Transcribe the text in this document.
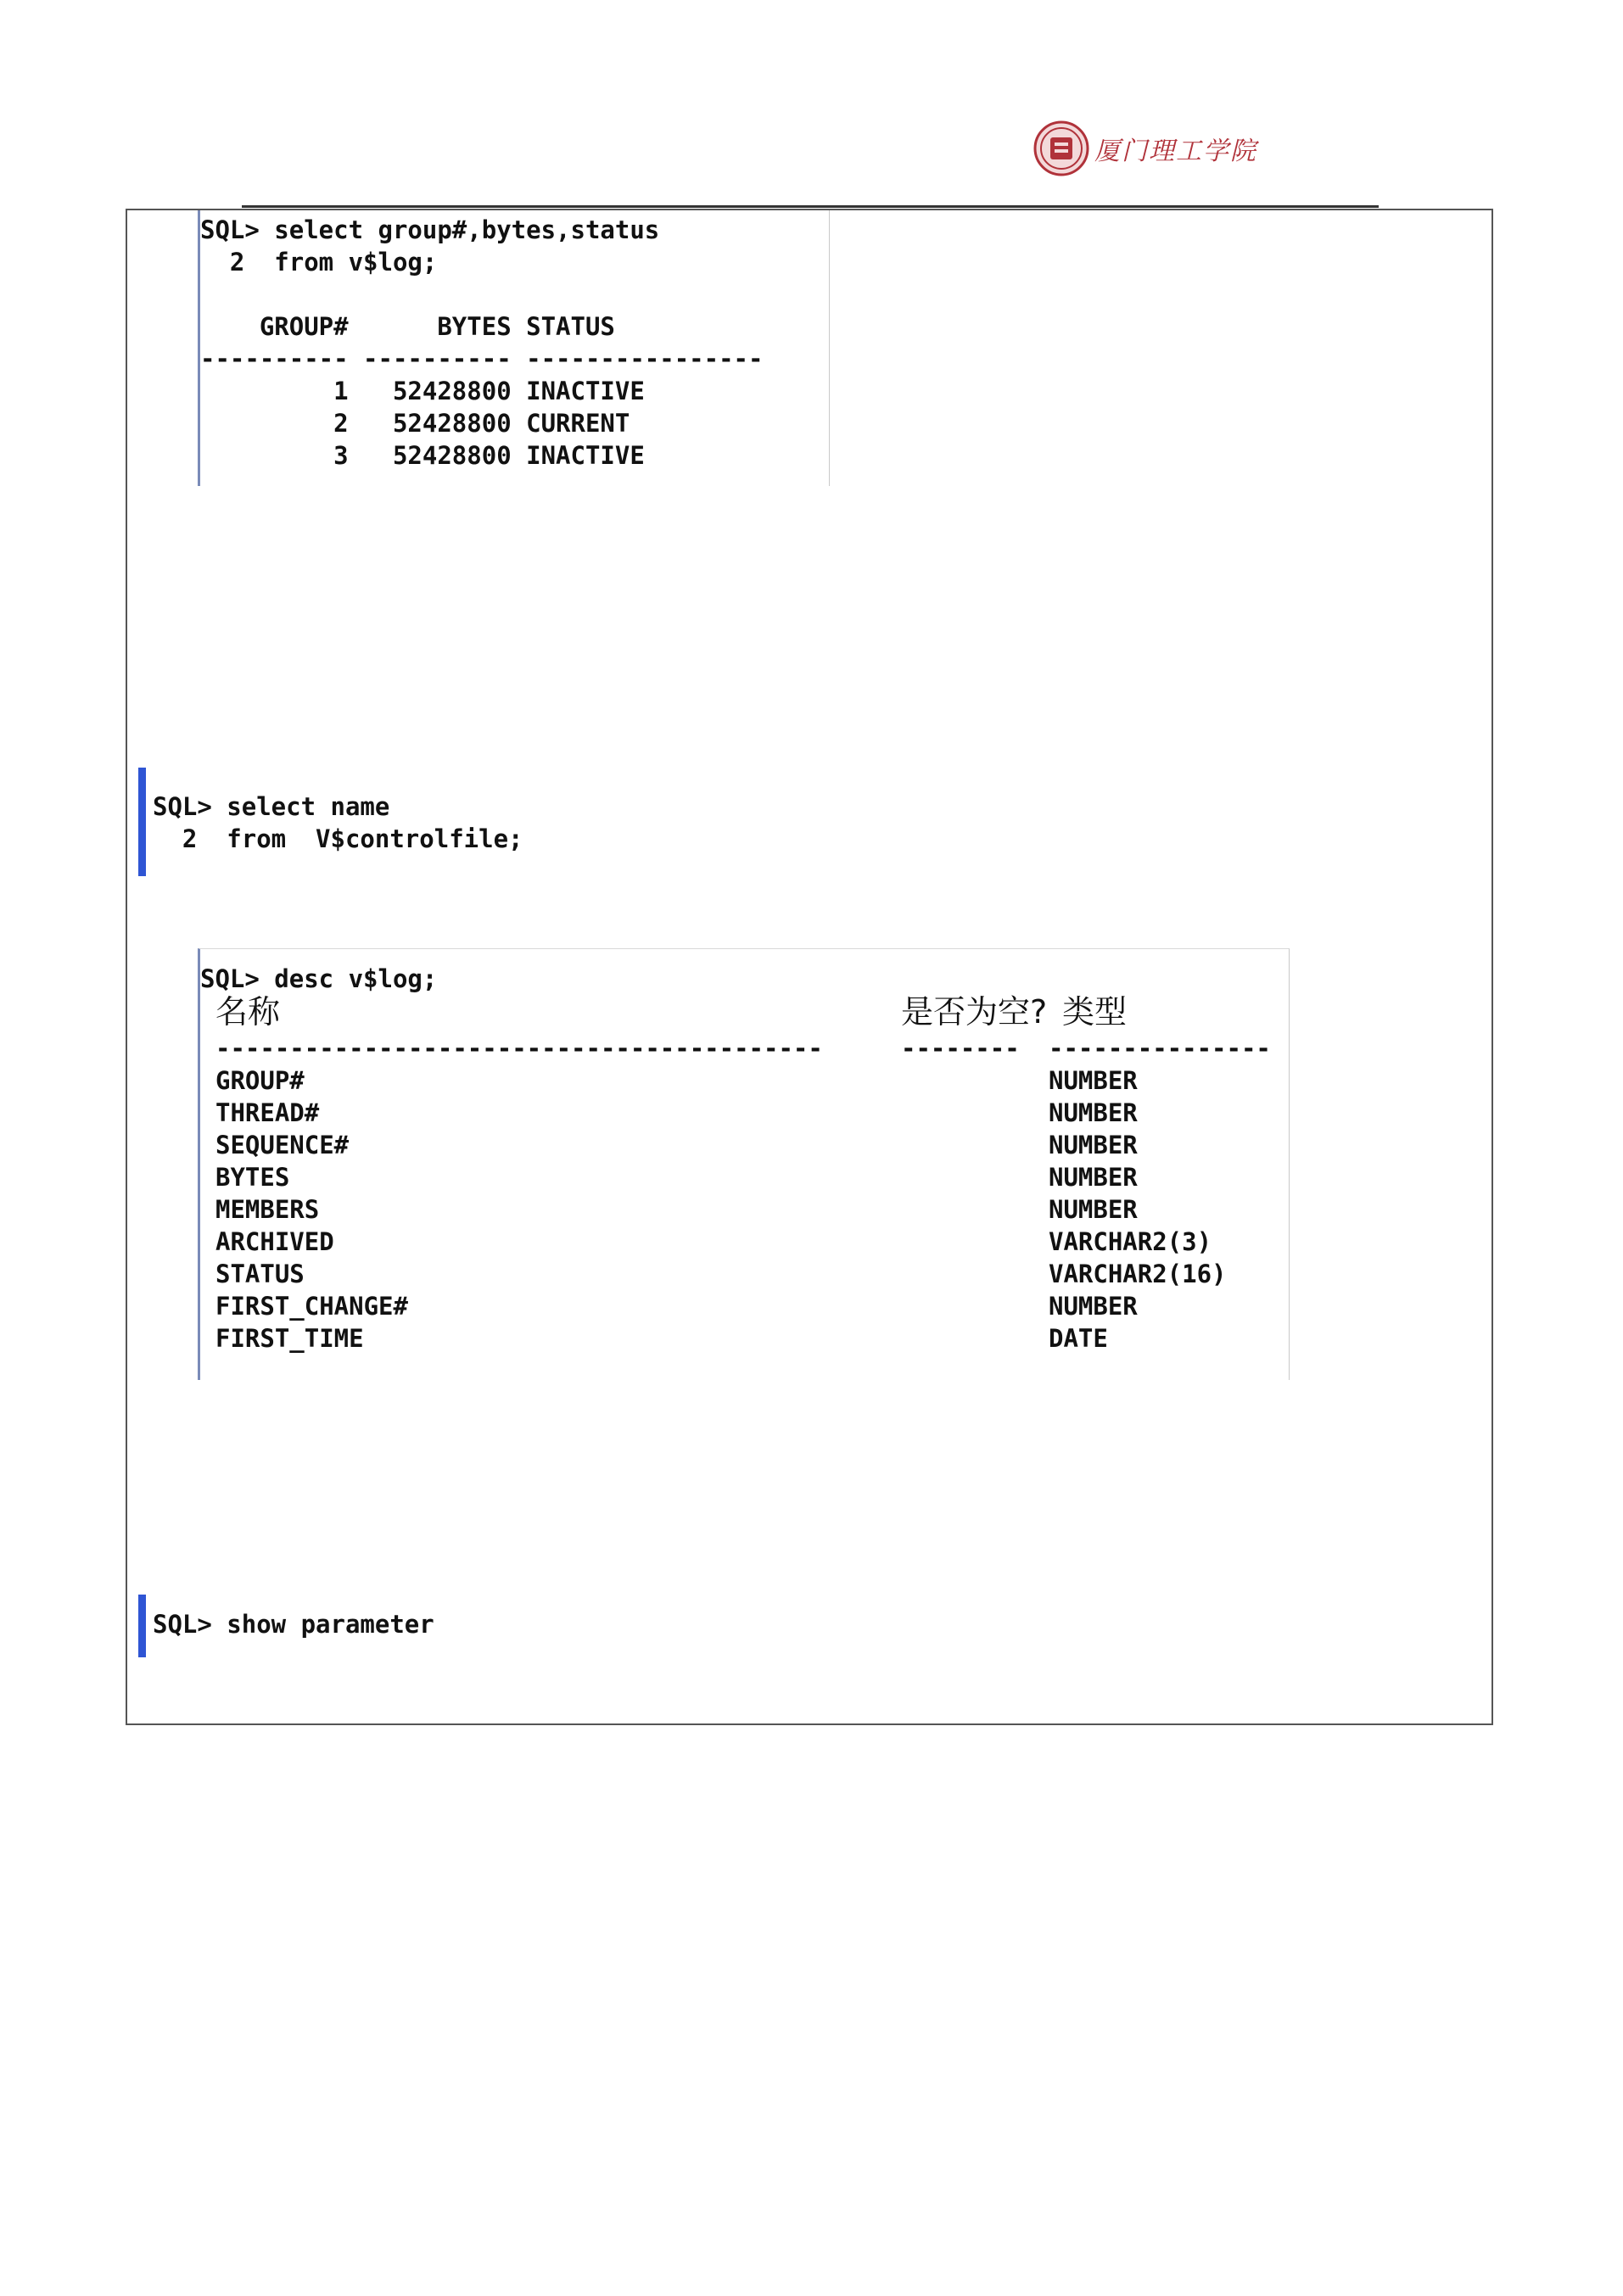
厦门理工学院
SQL> select group#,bytes,status
2  from v$log;
GROUP#      BYTES STATUS
---------- ---------- ----------------
1   52428800 INACTIVE
2   52428800 CURRENT
3   52428800 INACTIVE
SQL> select name
2  from  V$controlfile;
SQL> desc v$log;
名称	是否为空? 类型
-----------------------------------------	-------- ---------------
GROUP#	NUMBER
THREAD#	NUMBER
SEQUENCE#	NUMBER
BYTES	NUMBER
MEMBERS	NUMBER
ARCHIVED	VARCHAR2(3)
STATUS	VARCHAR2(16)
FIRST_CHANGE#	NUMBER
FIRST_TIME	DATE
SQL> show parameter
